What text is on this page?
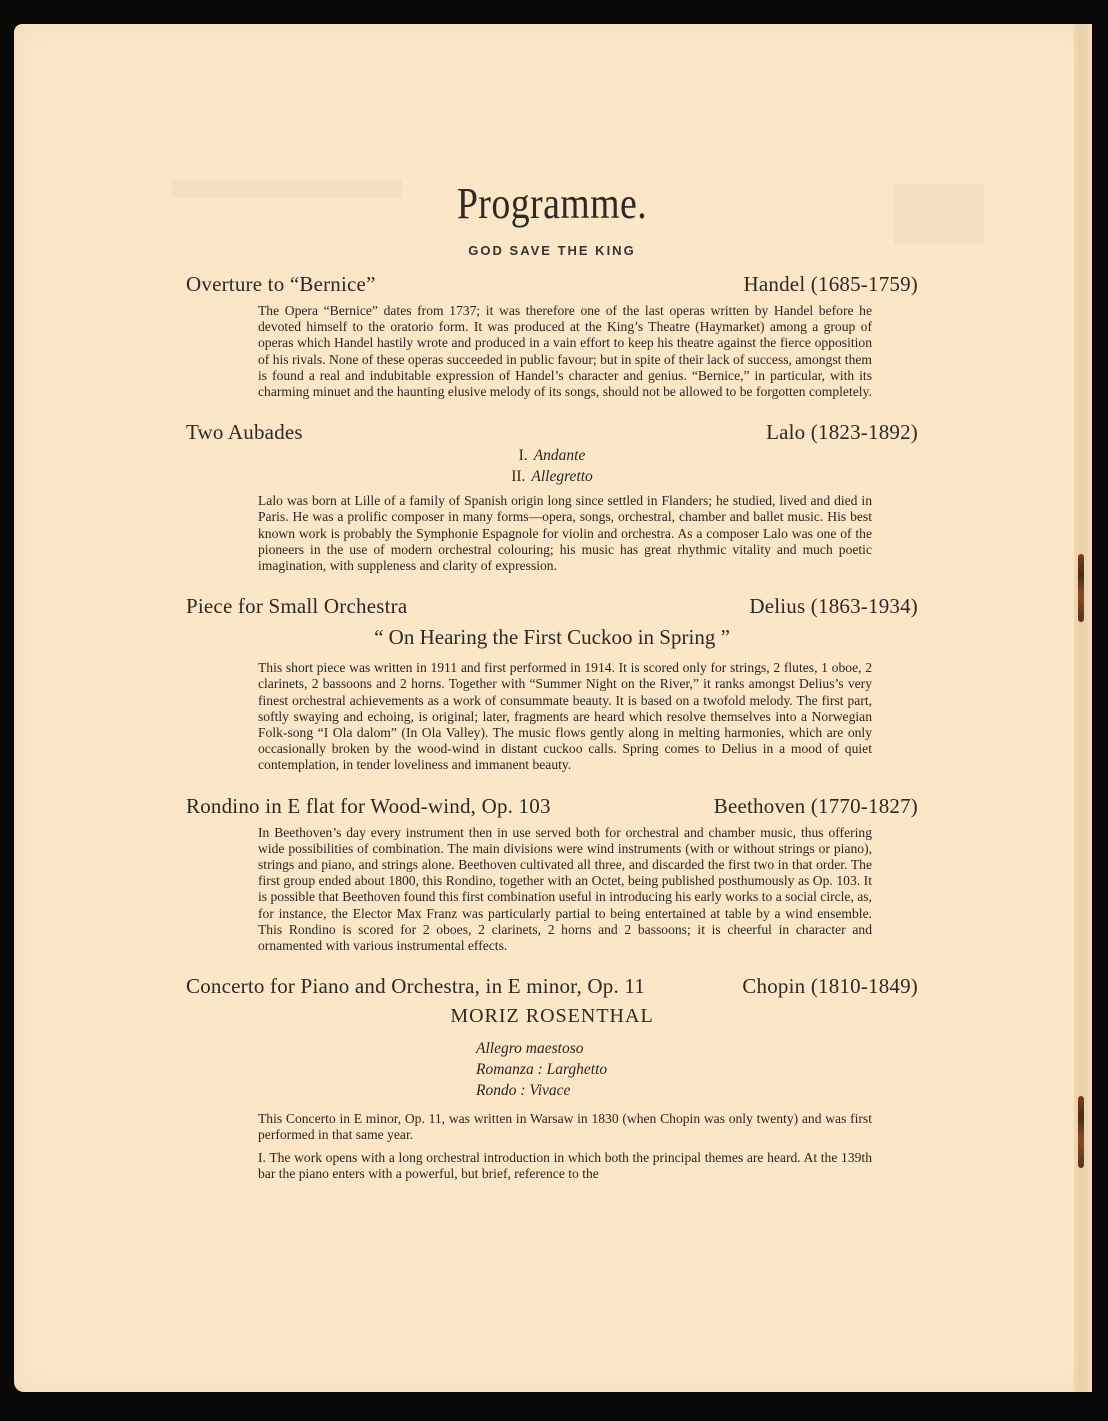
Programme.
GOD SAVE THE KING
Overture to “Bernice”	Handel (1685-1759)

The Opera “Bernice” dates from 1737; it was therefore one of the last operas written by Handel before he devoted himself to the oratorio form. It was produced at the King’s Theatre (Haymarket) among a group of operas which Handel hastily wrote and produced in a vain effort to keep his theatre against the fierce opposition of his rivals. None of these operas succeeded in public favour; but in spite of their lack of success, amongst them is found a real and indubitable expression of Handel’s character and genius. “Bernice,” in particular, with its charming minuet and the haunting elusive melody of its songs, should not be allowed to be forgotten completely.

Two Aubades	Lalo (1823-1892)
I. Andante
II. Allegretto

Lalo was born at Lille of a family of Spanish origin long since settled in Flanders; he studied, lived and died in Paris. He was a prolific composer in many forms—opera, songs, orchestral, chamber and ballet music. His best known work is probably the Symphonie Espagnole for violin and orchestra. As a composer Lalo was one of the pioneers in the use of modern orchestral colouring; his music has great rhythmic vitality and much poetic imagination, with suppleness and clarity of expression.

Piece for Small Orchestra	Delius (1863-1934)
“ On Hearing the First Cuckoo in Spring ”

This short piece was written in 1911 and first performed in 1914. It is scored only for strings, 2 flutes, 1 oboe, 2 clarinets, 2 bassoons and 2 horns. Together with “Summer Night on the River,” it ranks amongst Delius’s very finest orchestral achievements as a work of consummate beauty. It is based on a twofold melody. The first part, softly swaying and echoing, is original; later, fragments are heard which resolve themselves into a Norwegian Folk-song “I Ola dalom” (In Ola Valley). The music flows gently along in melting harmonies, which are only occasionally broken by the wood-wind in distant cuckoo calls. Spring comes to Delius in a mood of quiet contemplation, in tender loveliness and immanent beauty.

Rondino in E flat for Wood-wind, Op. 103	Beethoven (1770-1827)

In Beethoven’s day every instrument then in use served both for orchestral and chamber music, thus offering wide possibilities of combination. The main divisions were wind instruments (with or without strings or piano), strings and piano, and strings alone. Beethoven cultivated all three, and discarded the first two in that order. The first group ended about 1800, this Rondino, together with an Octet, being published posthumously as Op. 103. It is possible that Beethoven found this first combination useful in introducing his early works to a social circle, as, for instance, the Elector Max Franz was particularly partial to being entertained at table by a wind ensemble. This Rondino is scored for 2 oboes, 2 clarinets, 2 horns and 2 bassoons; it is cheerful in character and ornamented with various instrumental effects.

Concerto for Piano and Orchestra, in E minor, Op. 11	Chopin (1810-1849)
MORIZ ROSENTHAL
Allegro maestoso
Romanza : Larghetto
Rondo : Vivace

This Concerto in E minor, Op. 11, was written in Warsaw in 1830 (when Chopin was only twenty) and was first performed in that same year.

I. The work opens with a long orchestral introduction in which both the principal themes are heard. At the 139th bar the piano enters with a powerful, but brief, reference to the
